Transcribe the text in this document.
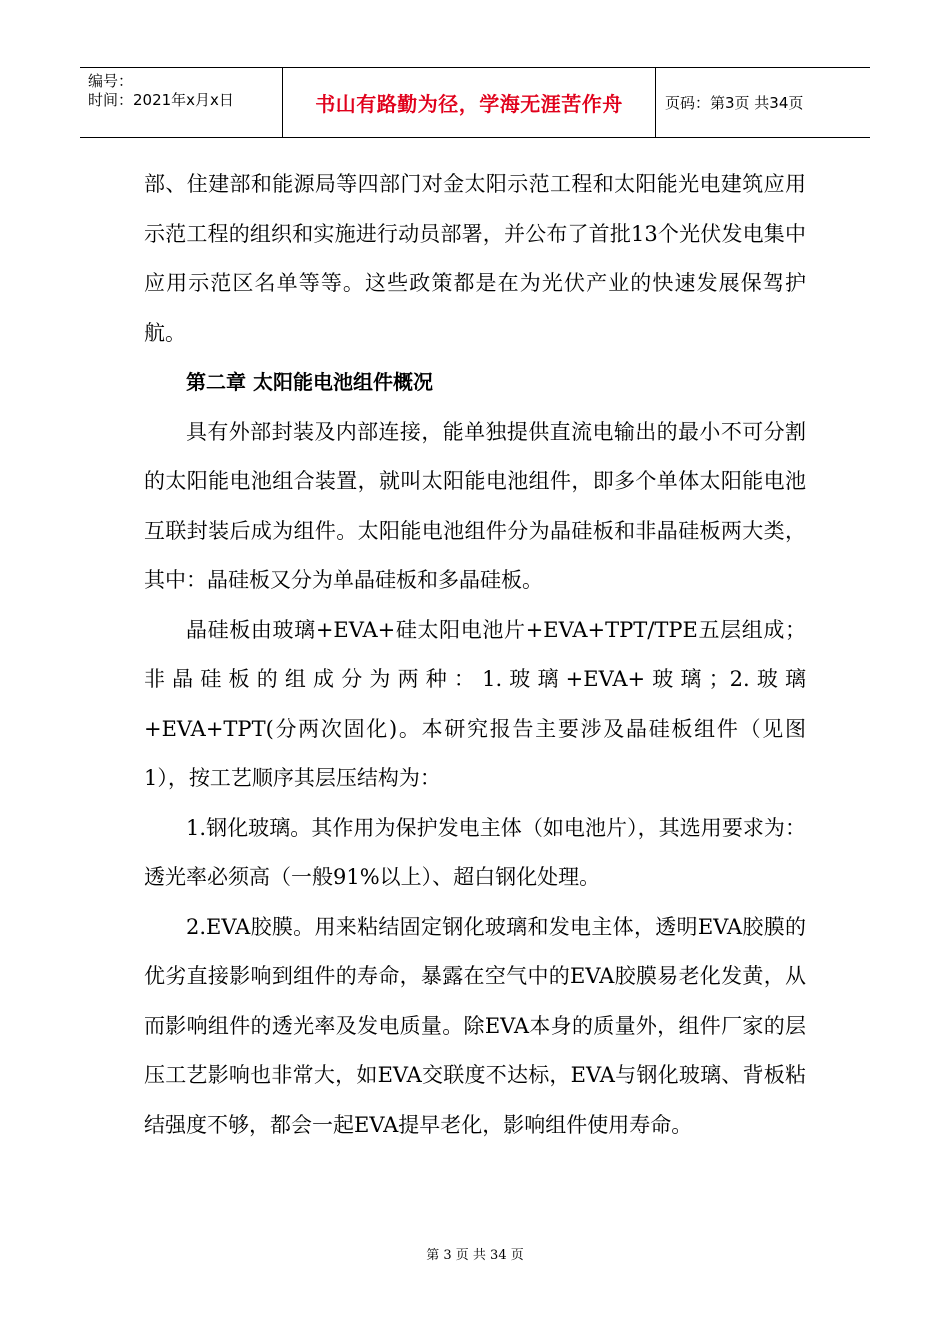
编号：
时间：2021年x月x日	书山有路勤为径，学海无涯苦作舟	页码：第3页 共34页

部、住建部和能源局等四部门对金太阳示范工程和太阳能光电建筑应用示范工程的组织和实施进行动员部署，并公布了首批13个光伏发电集中应用示范区名单等等。这些政策都是在为光伏产业的快速发展保驾护航。

第二章 太阳能电池组件概况

具有外部封装及内部连接，能单独提供直流电输出的最小不可分割的太阳能电池组合装置，就叫太阳能电池组件，即多个单体太阳能电池互联封装后成为组件。太阳能电池组件分为晶硅板和非晶硅板两大类，其中：晶硅板又分为单晶硅板和多晶硅板。

晶硅板由玻璃+EVA+硅太阳电池片+EVA+TPT/TPE五层组成；非晶硅板的组成分为两种：1.玻璃+EVA+玻璃；2.玻璃+EVA+TPT(分两次固化)。本研究报告主要涉及晶硅板组件（见图1），按工艺顺序其层压结构为：

1.钢化玻璃。其作用为保护发电主体（如电池片），其选用要求为：透光率必须高（一般91%以上）、超白钢化处理。

2.EVA胶膜。用来粘结固定钢化玻璃和发电主体，透明EVA胶膜的优劣直接影响到组件的寿命，暴露在空气中的EVA胶膜易老化发黄，从而影响组件的透光率及发电质量。除EVA本身的质量外，组件厂家的层压工艺影响也非常大，如EVA交联度不达标，EVA与钢化玻璃、背板粘结强度不够，都会一起EVA提早老化，影响组件使用寿命。

第 3 页 共 34 页
